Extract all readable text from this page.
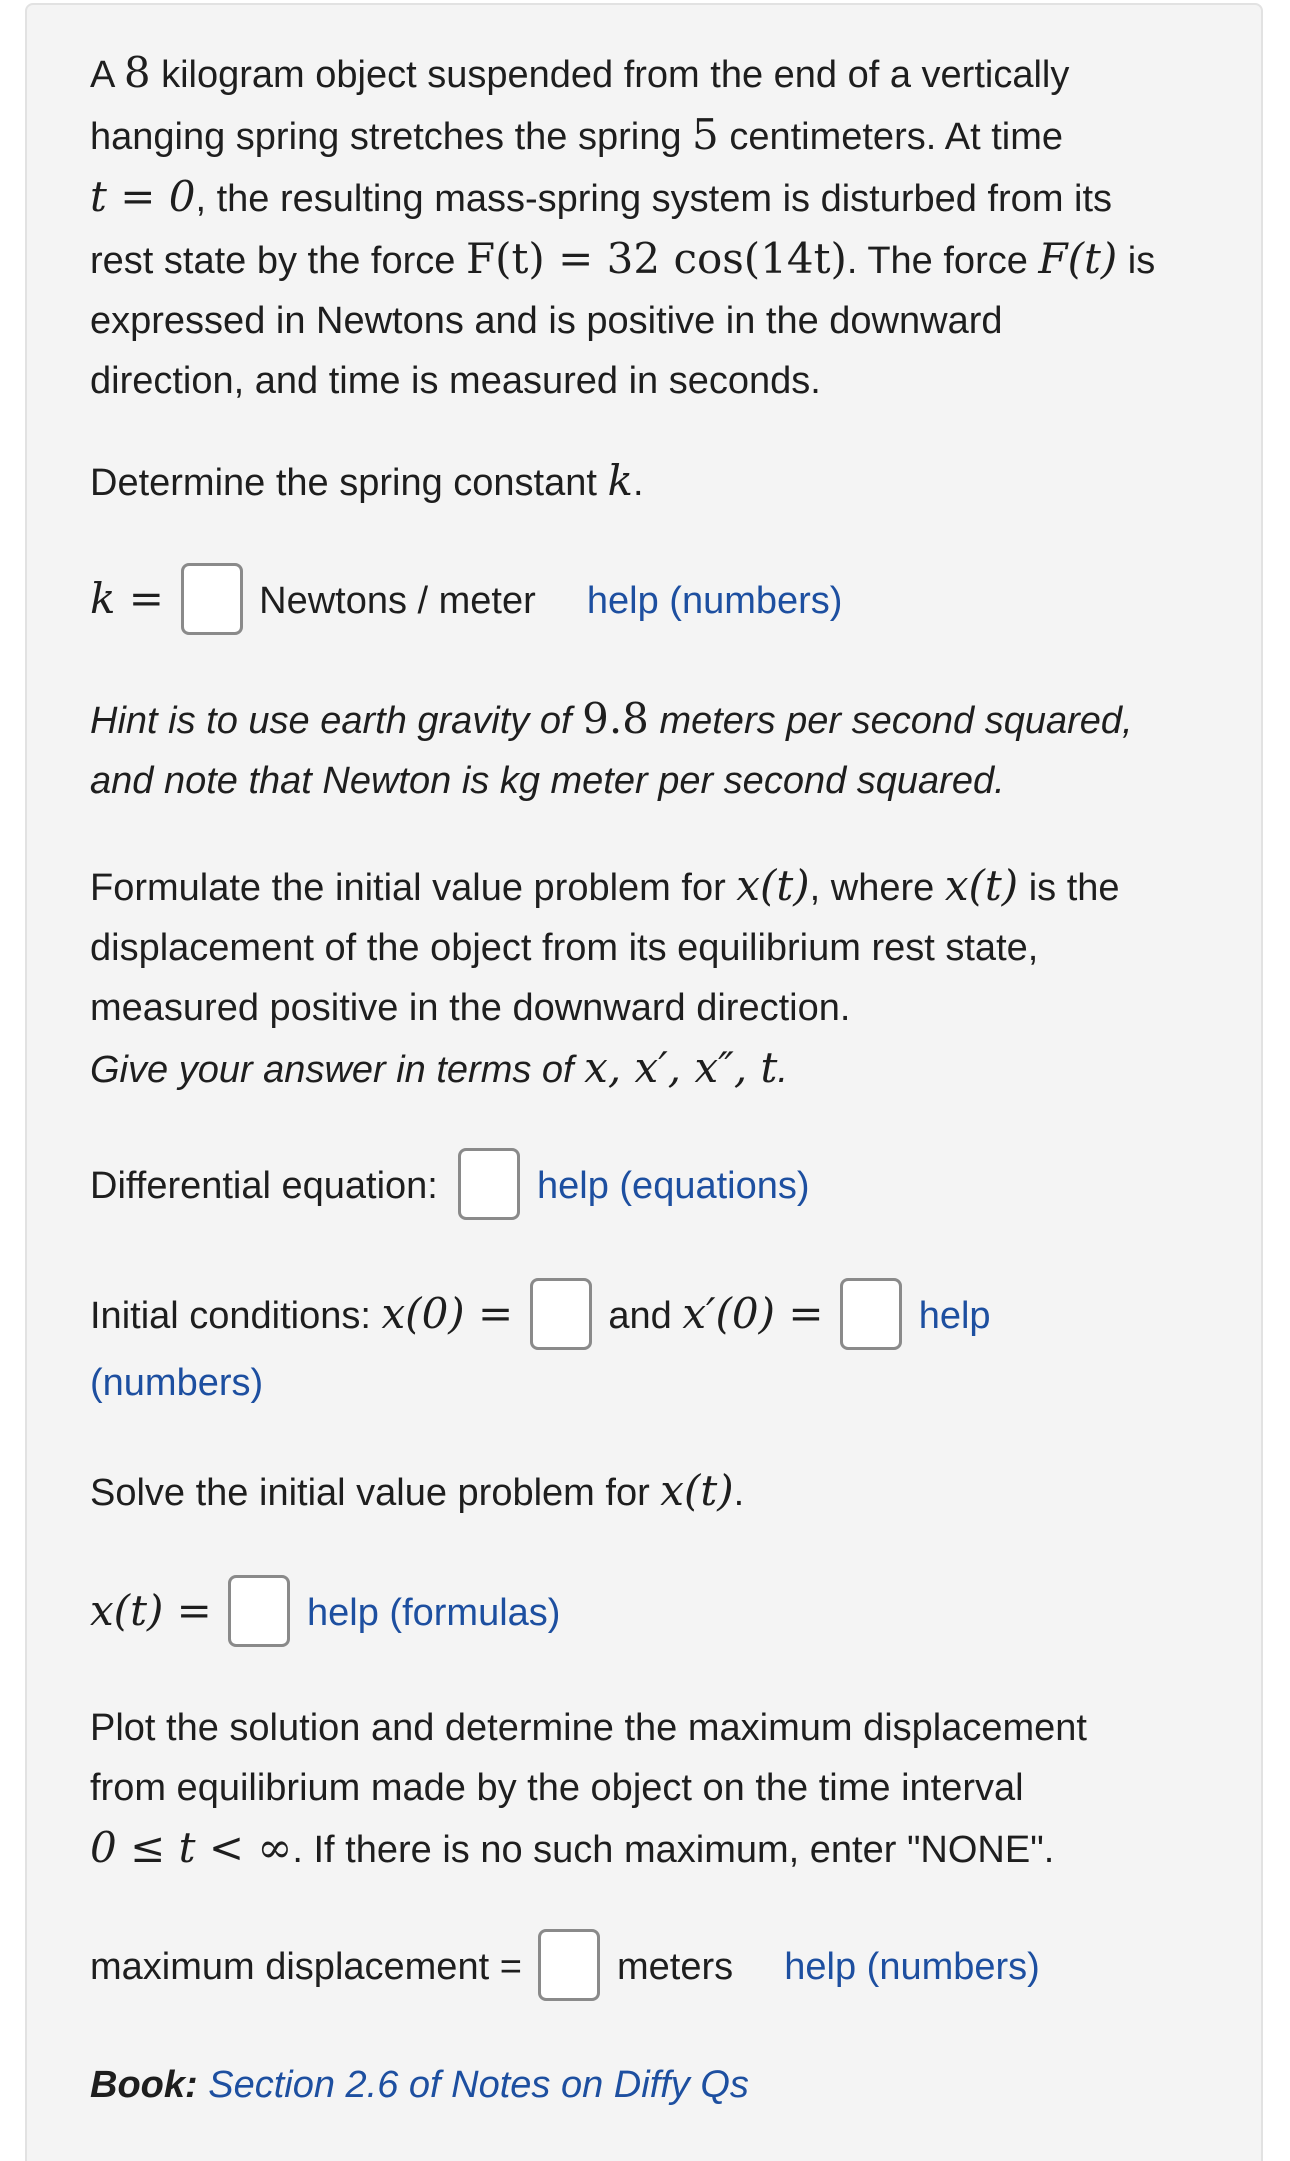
A 8 kilogram object suspended from the end of a vertically
hanging spring stretches the spring 5 centimeters. At time
t = 0, the resulting mass-spring system is disturbed from its
rest state by the force F(t) = 32 cos(14t). The force F(t) is
expressed in Newtons and is positive in the downward
direction, and time is measured in seconds.
Determine the spring constant k.
k =	Newtons / meter help (numbers)
Hint is to use earth gravity of 9.8 meters per second squared,
and note that Newton is kg meter per second squared.
Formulate the initial value problem for x(t), where x(t) is the
displacement of the object from its equilibrium rest state,
measured positive in the downward direction.
Give your answer in terms of x, x′, x″, t.
Differential equation:	help (equations)
Initial conditions: x(0) =	and x′(0) =	help
(numbers)
Solve the initial value problem for x(t).
x(t) =	help (formulas)
Plot the solution and determine the maximum displacement
from equilibrium made by the object on the time interval
0 ≤ t < ∞. If there is no such maximum, enter "NONE".
maximum displacement =	meters help (numbers)
Book: Section 2.6 of Notes on Diffy Qs
